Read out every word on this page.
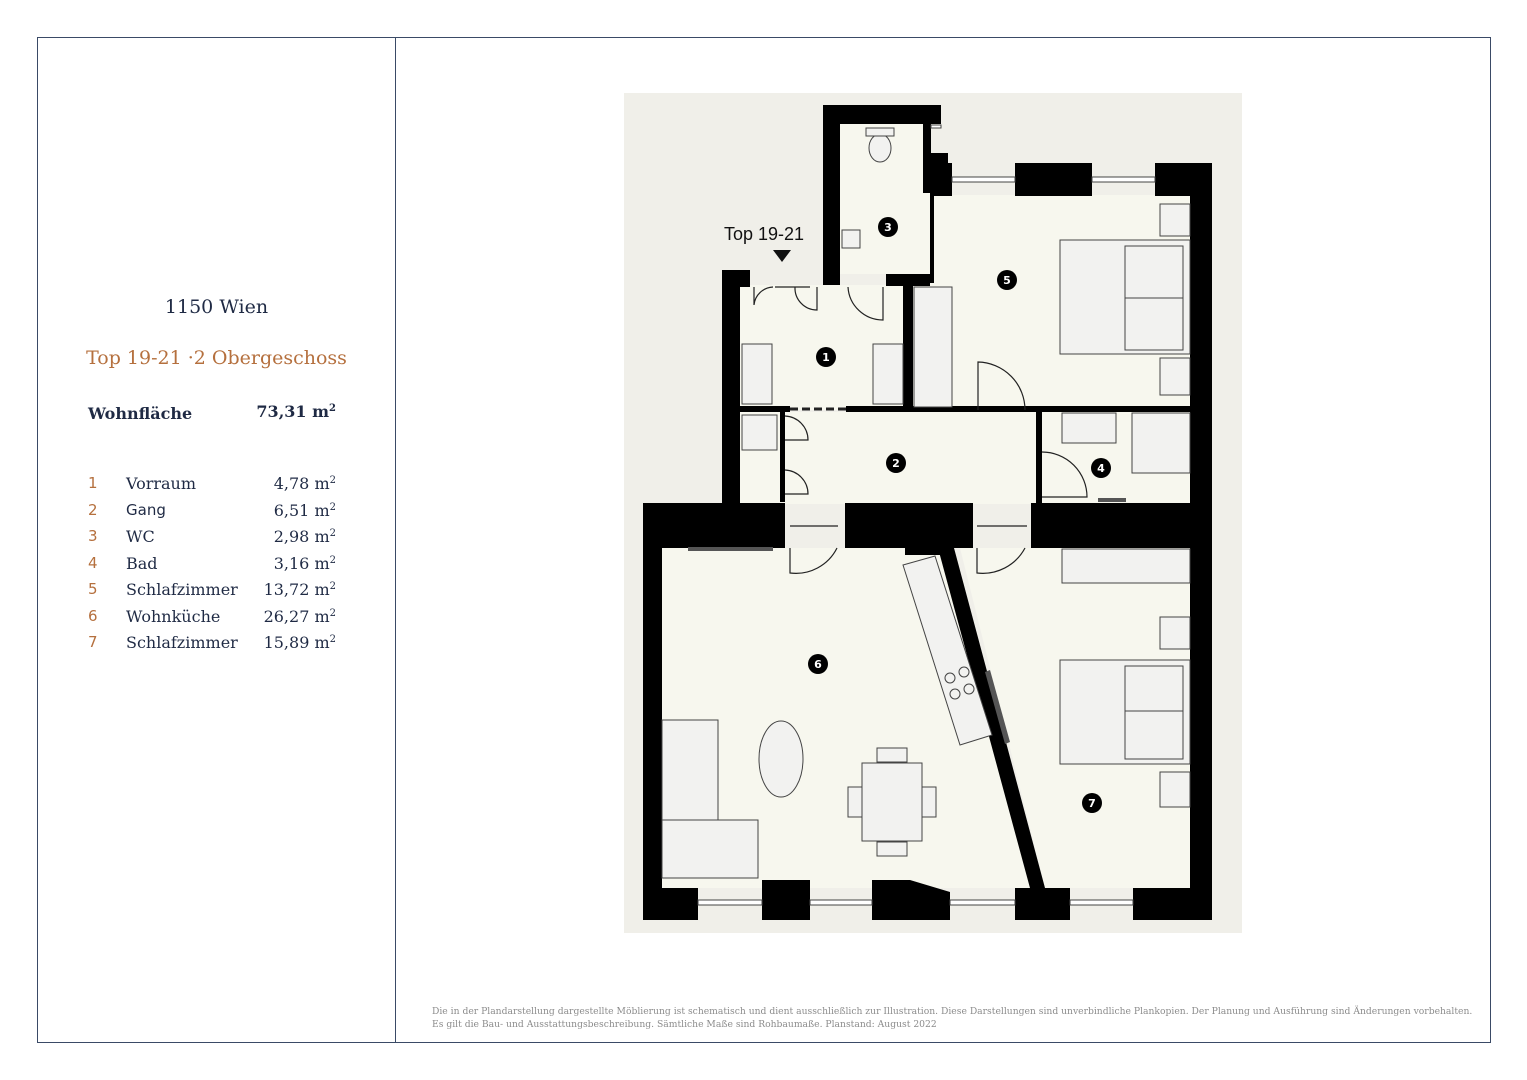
1150 Wien
Top 19-21 ·2 Obergeschoss
Wohnfläche	73,31 $m^2$
1 Vorraum	4,78 $m^2$
2 Gang	6,51 $m^2$
3 WC	2,98 $m^2$
4 Bad	3,16 $m^2$
5 Schlafzimmer 13,72 $m^2$
6 Wohnküche	26,27 $m^2$
7 Schlafzimmer 15,89 $m^2$
Top 19-21
1
2
3
4
5
6
7
Die in der Plandarstellung dargestellte Möblierung ist schematisch und dient ausschließlich zur Illustration. Diese Darstellungen sind unverbindliche Plankopien. Der Planung und Ausführung sind Änderungen vorbehalten.
Es gilt die Bau- und Ausstattungsbeschreibung. Sämtliche Maße sind Rohbaumaße. Planstand: August 2022
